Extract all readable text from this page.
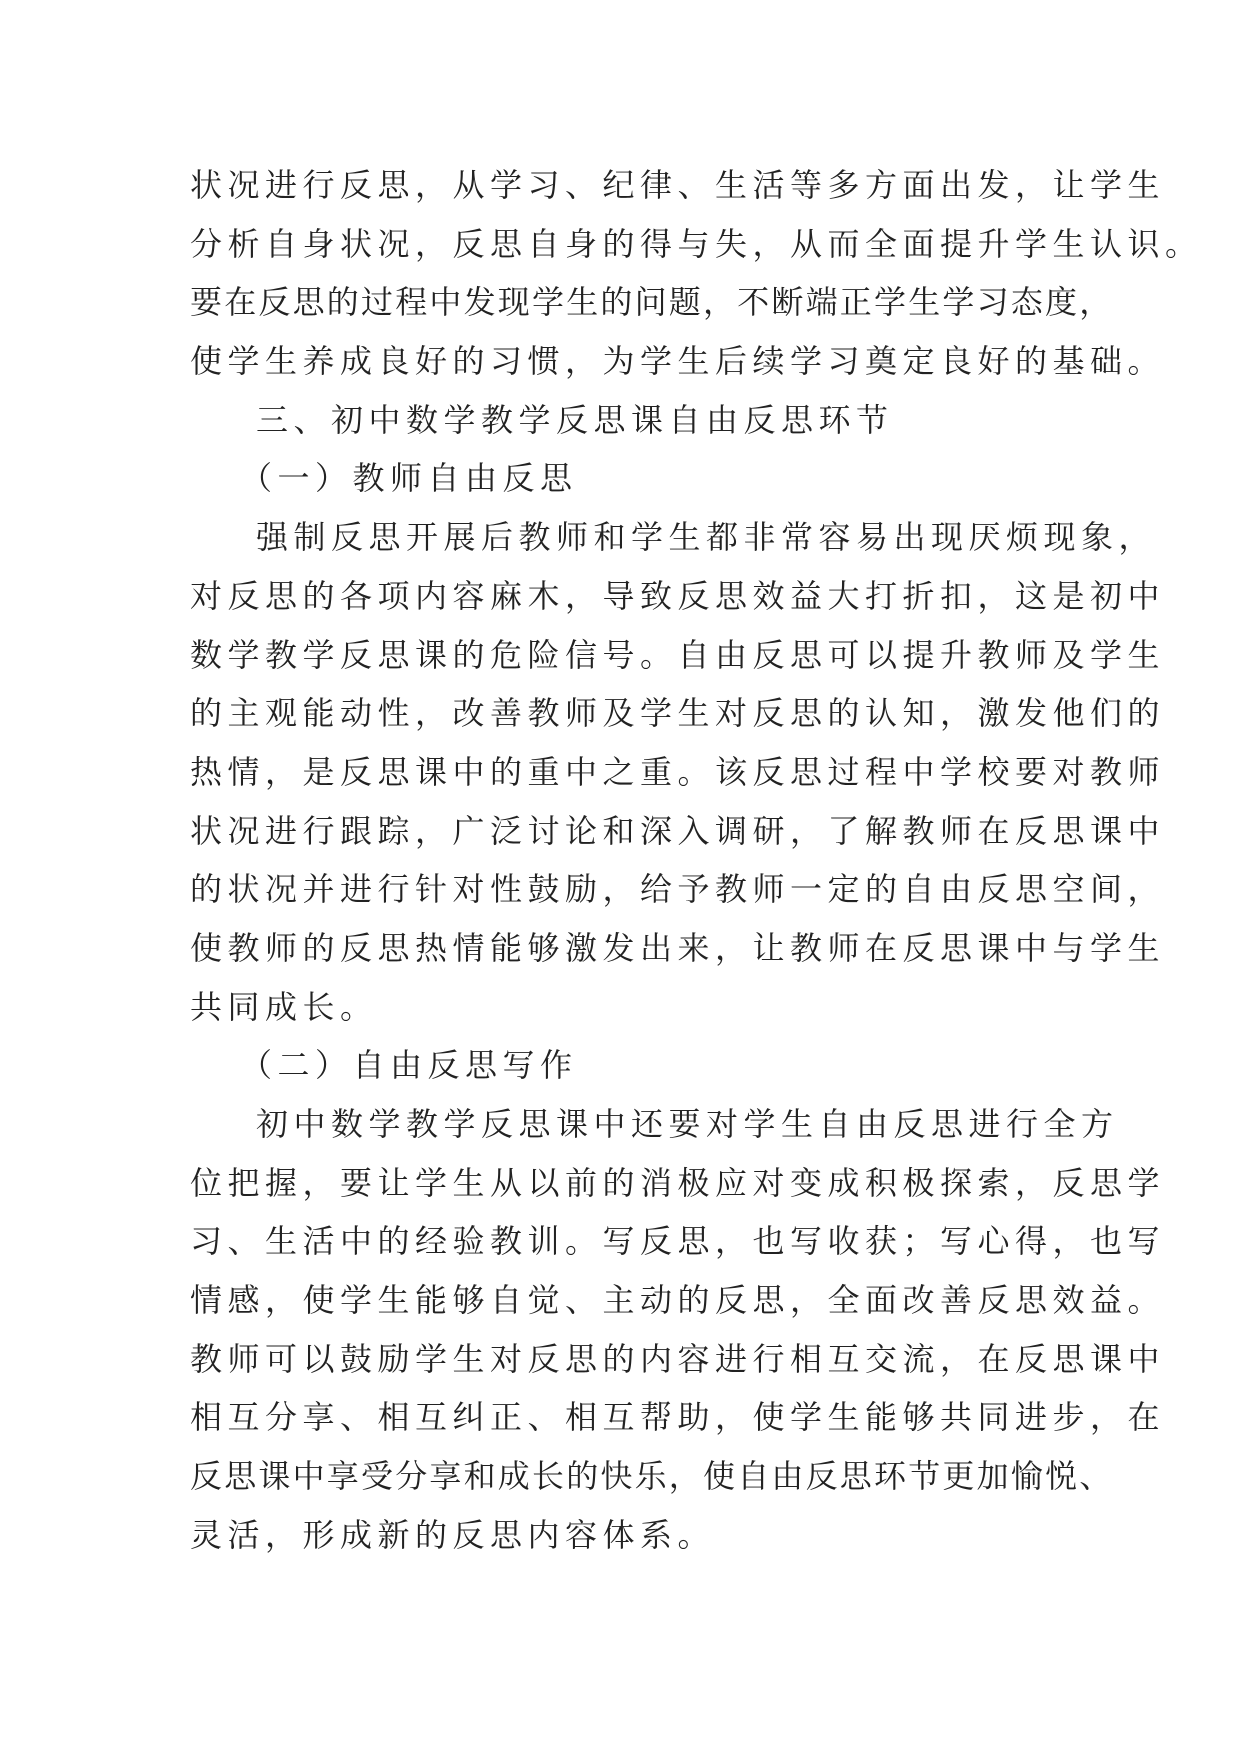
状况进行反思，从学习、纪律、生活等多方面出发，让学生
分析自身状况，反思自身的得与失，从而全面提升学生认识。
要在反思的过程中发现学生的问题，不断端正学生学习态度，
使学生养成良好的习惯，为学生后续学习奠定良好的基础。
三、初中数学教学反思课自由反思环节
（一）教师自由反思
强制反思开展后教师和学生都非常容易出现厌烦现象，
对反思的各项内容麻木，导致反思效益大打折扣，这是初中
数学教学反思课的危险信号。自由反思可以提升教师及学生
的主观能动性，改善教师及学生对反思的认知，激发他们的
热情，是反思课中的重中之重。该反思过程中学校要对教师
状况进行跟踪，广泛讨论和深入调研，了解教师在反思课中
的状况并进行针对性鼓励，给予教师一定的自由反思空间，
使教师的反思热情能够激发出来，让教师在反思课中与学生
共同成长。
（二）自由反思写作
初中数学教学反思课中还要对学生自由反思进行全方
位把握，要让学生从以前的消极应对变成积极探索，反思学
习、生活中的经验教训。写反思，也写收获；写心得，也写
情感，使学生能够自觉、主动的反思，全面改善反思效益。
教师可以鼓励学生对反思的内容进行相互交流，在反思课中
相互分享、相互纠正、相互帮助，使学生能够共同进步，在
反思课中享受分享和成长的快乐，使自由反思环节更加愉悦、
灵活，形成新的反思内容体系。
